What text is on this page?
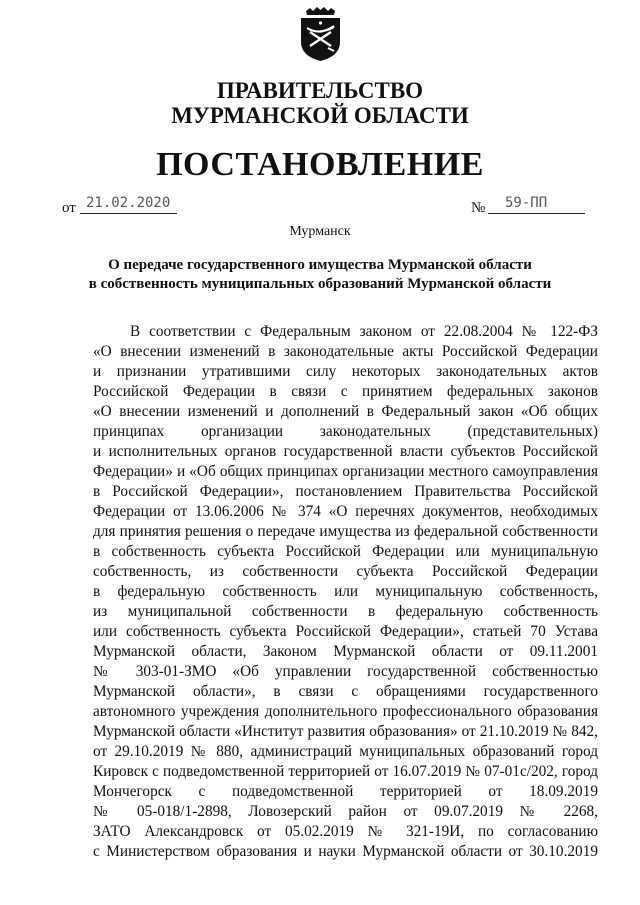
ПРАВИТЕЛЬСТВО
МУРМАНСКОЙ ОБЛАСТИ
ПОСТАНОВЛЕНИЕ
от 21.02.2020	№ 59-ПП
Мурманск
О передаче государственного имущества Мурманской области
в собственность муниципальных образований Мурманской области
В соответствии с Федеральным законом от 22.08.2004 № 122-ФЗ
«О внесении изменений в законодательные акты Российской Федерации
и признании утратившими силу некоторых законодательных актов
Российской Федерации в связи с принятием федеральных законов
«О внесении изменений и дополнений в Федеральный закон «Об общих
принципах организации законодательных (представительных)
и исполнительных органов государственной власти субъектов Российской
Федерации» и «Об общих принципах организации местного самоуправления
в Российской Федерации», постановлением Правительства Российской
Федерации от 13.06.2006 № 374 «О перечнях документов, необходимых
для принятия решения о передаче имущества из федеральной собственности
в собственность субъекта Российской Федерации или муниципальную
собственность, из собственности субъекта Российской Федерации
в федеральную собственность или муниципальную собственность,
из муниципальной собственности в федеральную собственность
или собственность субъекта Российской Федерации», статьей 70 Устава
Мурманской области, Законом Мурманской области от 09.11.2001
№ 303-01-ЗМО «Об управлении государственной собственностью
Мурманской области», в связи с обращениями государственного
автономного учреждения дополнительного профессионального образования
Мурманской области «Институт развития образования» от 21.10.2019 № 842,
от 29.10.2019 № 880, администраций муниципальных образований город
Кировск с подведомственной территорией от 16.07.2019 № 07-01с/202, город
Мончегорск с подведомственной территорией от 18.09.2019
№ 05-018/1-2898, Ловозерский район от 09.07.2019 № 2268,
ЗАТО Александровск от 05.02.2019 № 321-19И, по согласованию
с Министерством образования и науки Мурманской области от 30.10.2019
